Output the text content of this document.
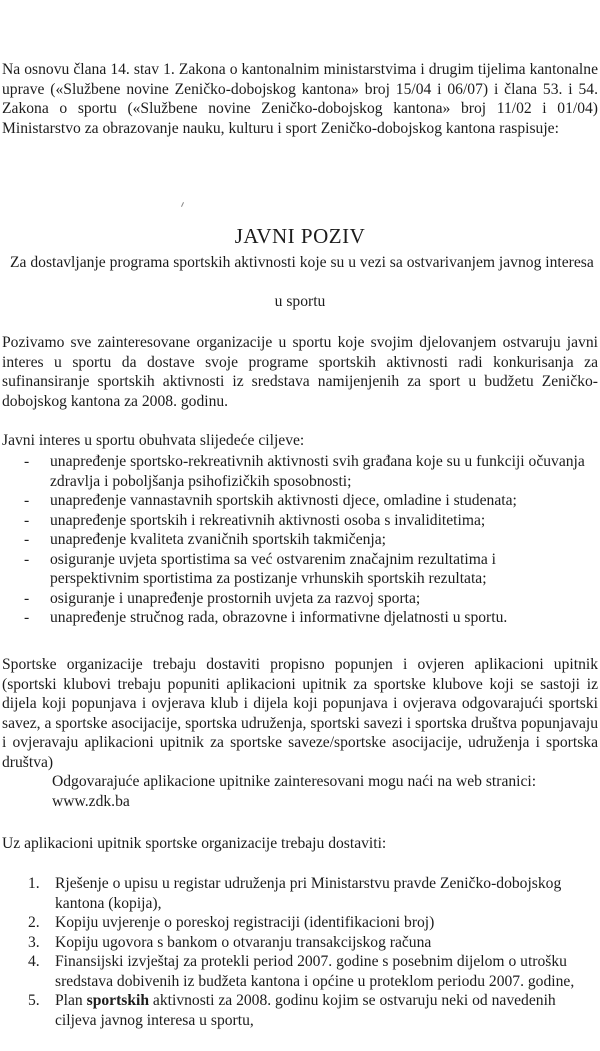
Na osnovu člana 14. stav 1. Zakona o kantonalnim ministarstvima i drugim tijelima kantonalne uprave («Službene novine Zeničko-dobojskog kantona» broj 15/04 i 06/07) i člana 53. i 54. Zakona o sportu («Službene novine Zeničko-dobojskog kantona» broj 11/02 i 01/04) Ministarstvo za obrazovanje nauku, kulturu i sport Zeničko-dobojskog kantona raspisuje:

JAVNI POZIV
Za dostavljanje programa sportskih aktivnosti koje su u vezi sa ostvarivanjem javnog interesa
u sportu

Pozivamo sve zainteresovane organizacije u sportu koje svojim djelovanjem ostvaruju javni interes u sportu da dostave svoje programe sportskih aktivnosti radi konkurisanja za sufinansiranje sportskih aktivnosti iz sredstava namijenjenih za sport u budžetu Zeničko-dobojskog kantona za 2008. godinu.

Javni interes u sportu obuhvata slijedeće ciljeve:
- unapređenje sportsko-rekreativnih aktivnosti svih građana koje su u funkciji očuvanja zdravlja i poboljšanja psihofizičkih sposobnosti;
- unapređenje vannastavnih sportskih aktivnosti djece, omladine i studenata;
- unapređenje sportskih i rekreativnih aktivnosti osoba s invaliditetima;
- unapređenje kvaliteta zvaničnih sportskih takmičenja;
- osiguranje uvjeta sportistima sa već ostvarenim značajnim rezultatima i perspektivnim sportistima za postizanje vrhunskih sportskih rezultata;
- osiguranje i unapređenje prostornih uvjeta za razvoj sporta;
- unapređenje stručnog rada, obrazovne i informativne djelatnosti u sportu.
Sportske organizacije trebaju dostaviti propisno popunjen i ovjeren aplikacioni upitnik (sportski klubovi trebaju popuniti aplikacioni upitnik za sportske klubove koji se sastoji iz dijela koji popunjava i ovjerava klub i dijela koji popunjava i ovjerava odgovarajući sportski savez, a sportske asocijacije, sportska udruženja, sportski savezi i sportska društva popunjavaju i ovjeravaju aplikacioni upitnik za sportske saveze/sportske asocijacije, udruženja i sportska društva)
Odgovarajuće aplikacione upitnike zainteresovani mogu naći na web stranici: www.zdk.ba
Uz aplikacioni upitnik sportske organizacije trebaju dostaviti:
1. Rješenje o upisu u registar udruženja pri Ministarstvu pravde Zeničko-dobojskog kantona (kopija),
2. Kopiju uvjerenje o poreskoj registraciji (identifikacioni broj)
3. Kopiju ugovora s bankom o otvaranju transakcijskog računa
4. Finansijski izvještaj za protekli period 2007. godine s posebnim dijelom o utrošku sredstava dobivenih iz budžeta kantona i općine u proteklom periodu 2007. godine,
5. Plan sportskih aktivnosti za 2008. godinu kojim se ostvaruju neki od navedenih ciljeva javnog interesa u sportu,
